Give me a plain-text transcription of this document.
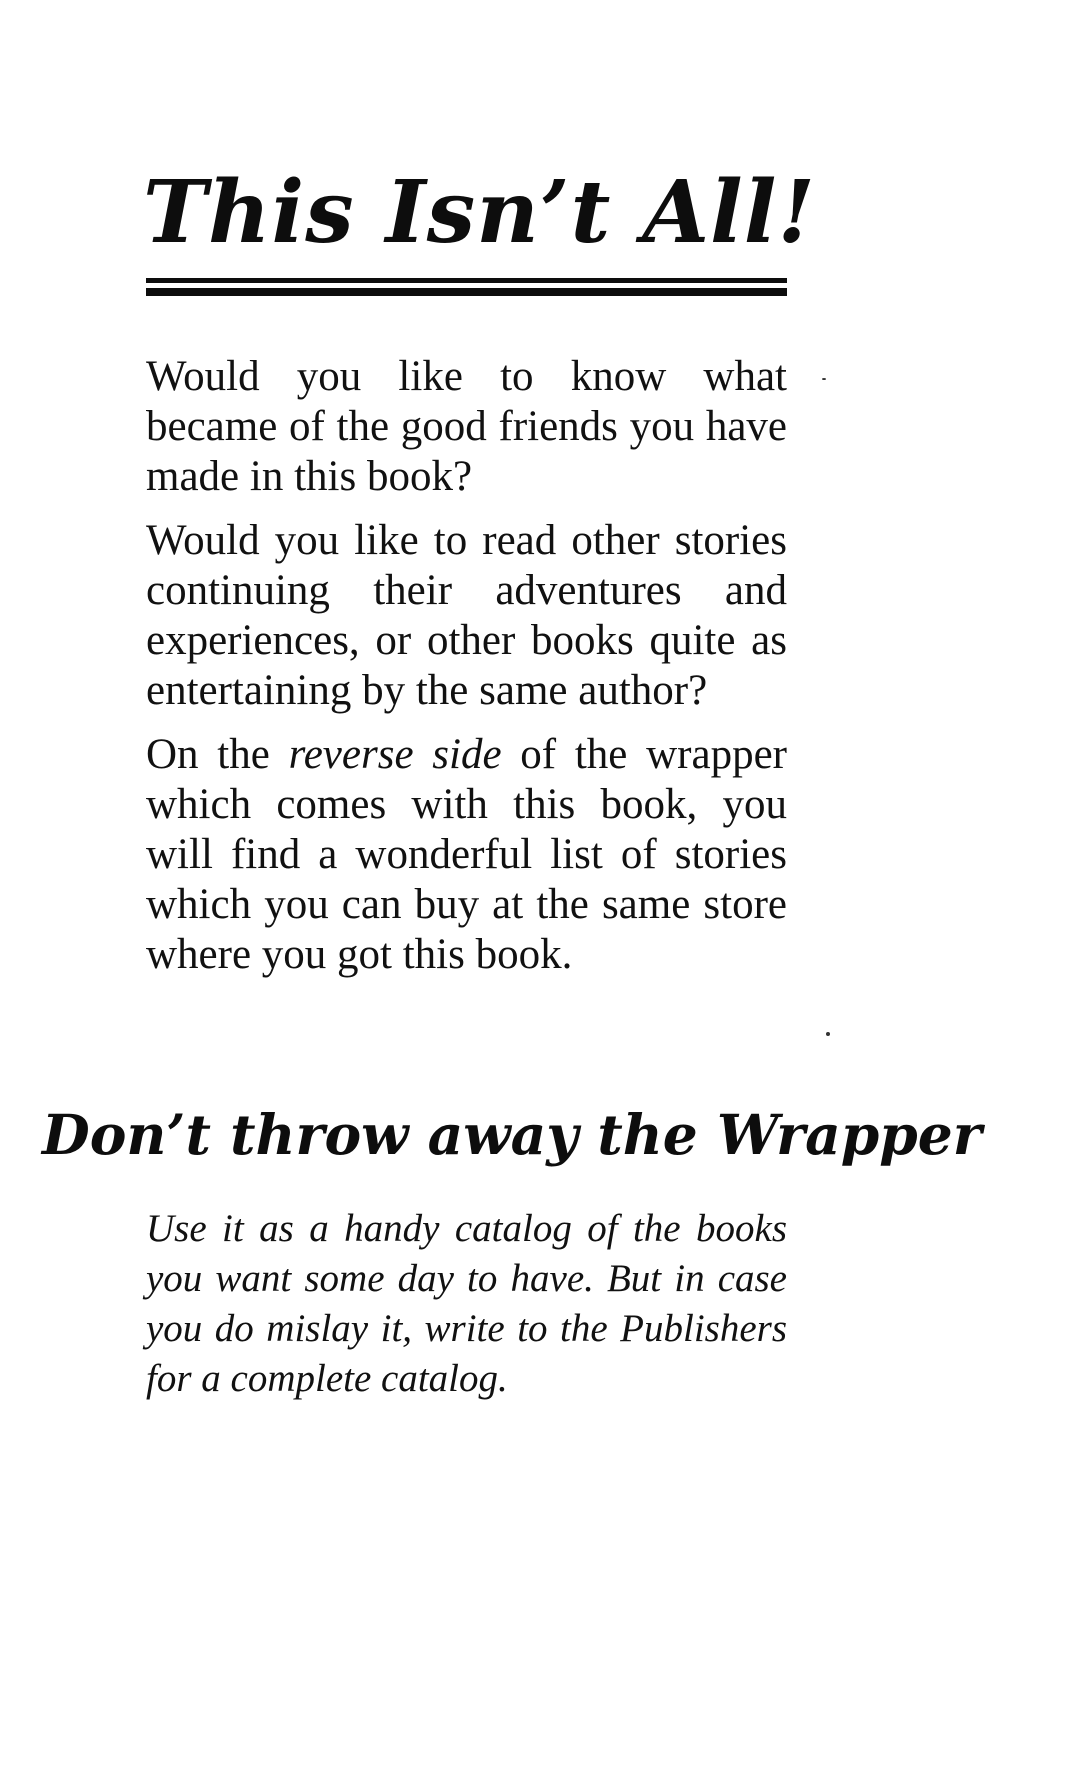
This Isn’t All!

Would you like to know what became of the good friends you have made in this book?

Would you like to read other stories continuing their adventures and experiences, or other books quite as entertaining by the same author?

On the reverse side of the wrapper which comes with this book, you will find a wonderful list of stories which you can buy at the same store where you got this book.

Don’t throw away the Wrapper

Use it as a handy catalog of the books you want some day to have. But in case you do mislay it, write to the Publishers for a complete catalog.
